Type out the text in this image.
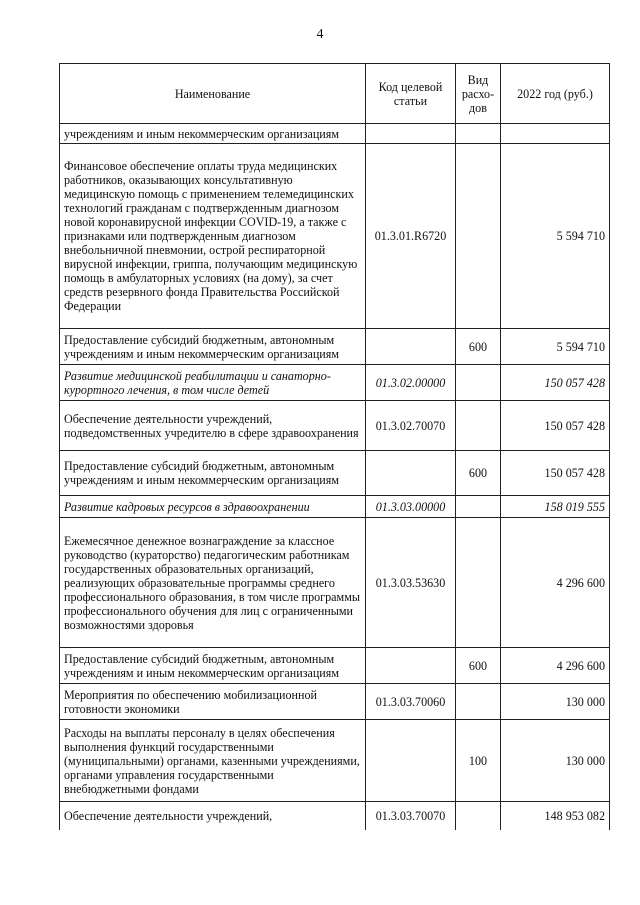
4
Наименование	Код целевой статьи	Вид расхо-дов	2022 год (руб.)
учреждениям и иным некоммерческим организациям			
Финансовое обеспечение оплаты труда медицинских работников, оказывающих консультативную медицинскую помощь с применением телемедицинских технологий гражданам с подтвержденным диагнозом новой коронавирусной инфекции COVID-19, а также с признаками или подтвержденным диагнозом внебольничной пневмонии, острой респираторной вирусной инфекции, гриппа, получающим медицинскую помощь в амбулаторных условиях (на дому), за счет средств резервного фонда Правительства Российской Федерации	01.3.01.R6720		5 594 710
Предоставление субсидий бюджетным, автономным учреждениям и иным некоммерческим организациям		600	5 594 710
Развитие медицинской реабилитации и санаторно-курортного лечения, в том числе детей	01.3.02.00000		150 057 428
Обеспечение деятельности учреждений, подведомственных учредителю в сфере здравоохранения	01.3.02.70070		150 057 428
Предоставление субсидий бюджетным, автономным учреждениям и иным некоммерческим организациям		600	150 057 428
Развитие кадровых ресурсов в здравоохранении	01.3.03.00000		158 019 555
Ежемесячное денежное вознаграждение за классное руководство (кураторство) педагогическим работникам государственных образовательных организаций, реализующих образовательные программы среднего профессионального образования, в том числе программы профессионального обучения для лиц с ограниченными возможностями здоровья	01.3.03.53630		4 296 600
Предоставление субсидий бюджетным, автономным учреждениям и иным некоммерческим организациям		600	4 296 600
Мероприятия по обеспечению мобилизационной готовности экономики	01.3.03.70060		130 000
Расходы на выплаты персоналу в целях обеспечения выполнения функций государственными (муниципальными) органами, казенными учреждениями, органами управления государственными внебюджетными фондами		100	130 000
Обеспечение деятельности учреждений,	01.3.03.70070		148 953 082
